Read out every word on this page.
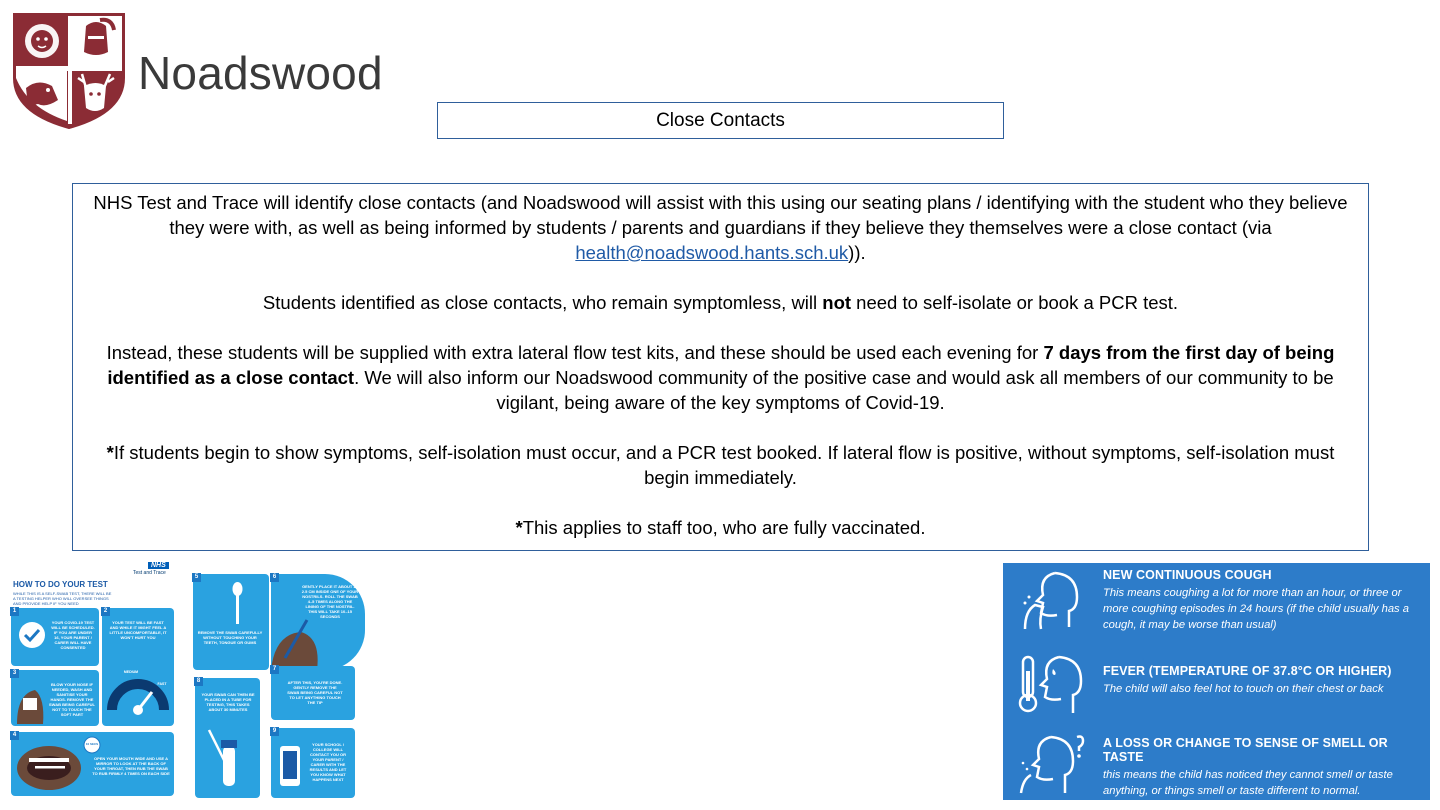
Noadswood
Close Contacts

NHS Test and Trace will identify close contacts (and Noadswood will assist with this using our seating plans / identifying with the student who they believe they were with, as well as being informed by students / parents and guardians if they believe they themselves were a close contact (via health@noadswood.hants.sch.uk)).

Students identified as close contacts, who remain symptomless, will not need to self-isolate or book a PCR test.

Instead, these students will be supplied with extra lateral flow test kits, and these should be used each evening for 7 days from the first day of being identified as a close contact. We will also inform our Noadswood community of the positive case and would ask all members of our community to be vigilant, being aware of the key symptoms of Covid-19.

*If students begin to show symptoms, self-isolation must occur, and a PCR test booked. If lateral flow is positive, without symptoms, self-isolation must begin immediately.

*This applies to staff too, who are fully vaccinated.

NHS
Test and Trace
HOW TO DO YOUR TEST
WHILE THIS IS A SELF-SWAB TEST, THERE WILL BE A TESTING HELPER WHO WILL OVERSEE THINGS AND PROVIDE HELP IF YOU NEED
1
YOUR COVID-19 TEST WILL BE SCHEDULED. IF YOU ARE UNDER 16, YOUR PARENT / CARER WILL HAVE CONSENTED
2
YOUR TEST WILL BE FAST AND WHILE IT MIGHT FEEL A LITTLE UNCOMFORTABLE, IT WON'T HURT YOU
MEDIUM
FAST
3
BLOW YOUR NOSE IF NEEDED, WASH AND SANITISE YOUR HANDS. REMOVE THE SWAB BEING CAREFUL NOT TO TOUCH THE SOFT PART
4
10 SECS
OPEN YOUR MOUTH WIDE AND USE A MIRROR TO LOOK AT THE BACK OF YOUR THROAT, THEN RUB THE SWAB TO RUB FIRMLY 4 TIMES ON EACH SIDE
5
REMOVE THE SWAB CAREFULLY WITHOUT TOUCHING YOUR TEETH, TONGUE OR GUMS
6
GENTLY PLACE IT ABOUT 2–2.5 CM INSIDE ONE OF YOUR NOSTRILS. ROLL THE SWAB 4–5 TIMES ALONG THE LINING OF THE NOSTRIL. THIS WILL TAKE 10–15 SECONDS
7
AFTER THIS, YOU'RE DONE. GENTLY REMOVE THE SWAB BEING CAREFUL NOT TO LET ANYTHING TOUCH THE TIP
8
YOUR SWAB CAN THEN BE PLACED IN A TUBE FOR TESTING, THIS TAKES ABOUT 30 MINUTES
9
YOUR SCHOOL / COLLEGE WILL CONTACT YOU OR YOUR PARENT / CARER WITH THE RESULTS AND LET YOU KNOW WHAT HAPPENS NEXT
NEW CONTINUOUS COUGH
This means coughing a lot for more than an hour, or three or more coughing episodes in 24 hours (if the child usually has a cough, it may be worse than usual)
FEVER (TEMPERATURE OF 37.8°C OR HIGHER)
The child will also feel hot to touch on their chest or back
A LOSS OR CHANGE TO SENSE OF SMELL OR TASTE
this means the child has noticed they cannot smell or taste anything, or things smell or taste different to normal.
